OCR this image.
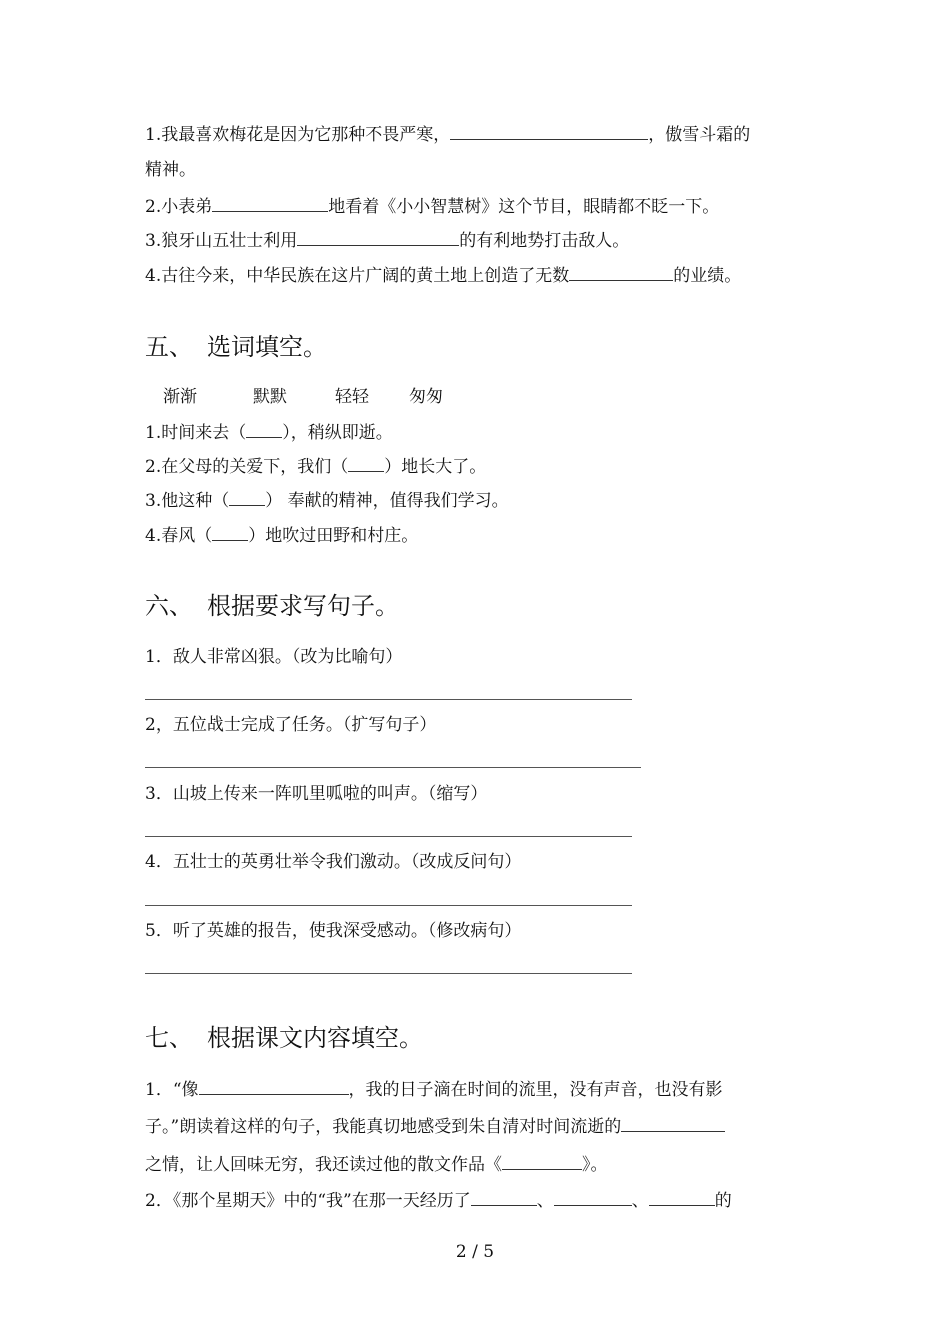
1.我最喜欢梅花是因为它那种不畏严寒，	，傲雪斗霜的
精神。
2.小表弟	地看着《小小智慧树》这个节目，眼睛都不眨一下。
3.狼牙山五壮士利用	的有利地势打击敌人。
4.古往今来，中华民族在这片广阔的黄土地上创造了无数	的业绩。
五、 选词填空。
渐渐	默默	轻轻 匆匆
1.时间来去（ ），稍纵即逝。
2.在父母的关爱下，我们（ ）地长大了。
3.他这种（ ） 奉献的精神，值得我们学习。
4.春风（ ）地吹过田野和村庄。
六、 根据要求写句子。
1．敌人非常凶狠。（改为比喻句）
2，五位战士完成了任务。（扩写句子）
3．山坡上传来一阵叽里呱啦的叫声。（缩写）
4．五壮士的英勇壮举令我们激动。（改成反问句）
5．听了英雄的报告，使我深受感动。（修改病句）
七、 根据课文内容填空。
1．“像	，我的日子滴在时间的流里，没有声音，也没有影
子。”朗读着这样的句子，我能真切地感受到朱自清对时间流逝的
之情，让人回味无穷，我还读过他的散文作品《	》。
2．《那个星期天》中的“我”在那一天经历了	、	、	的
2 / 5
